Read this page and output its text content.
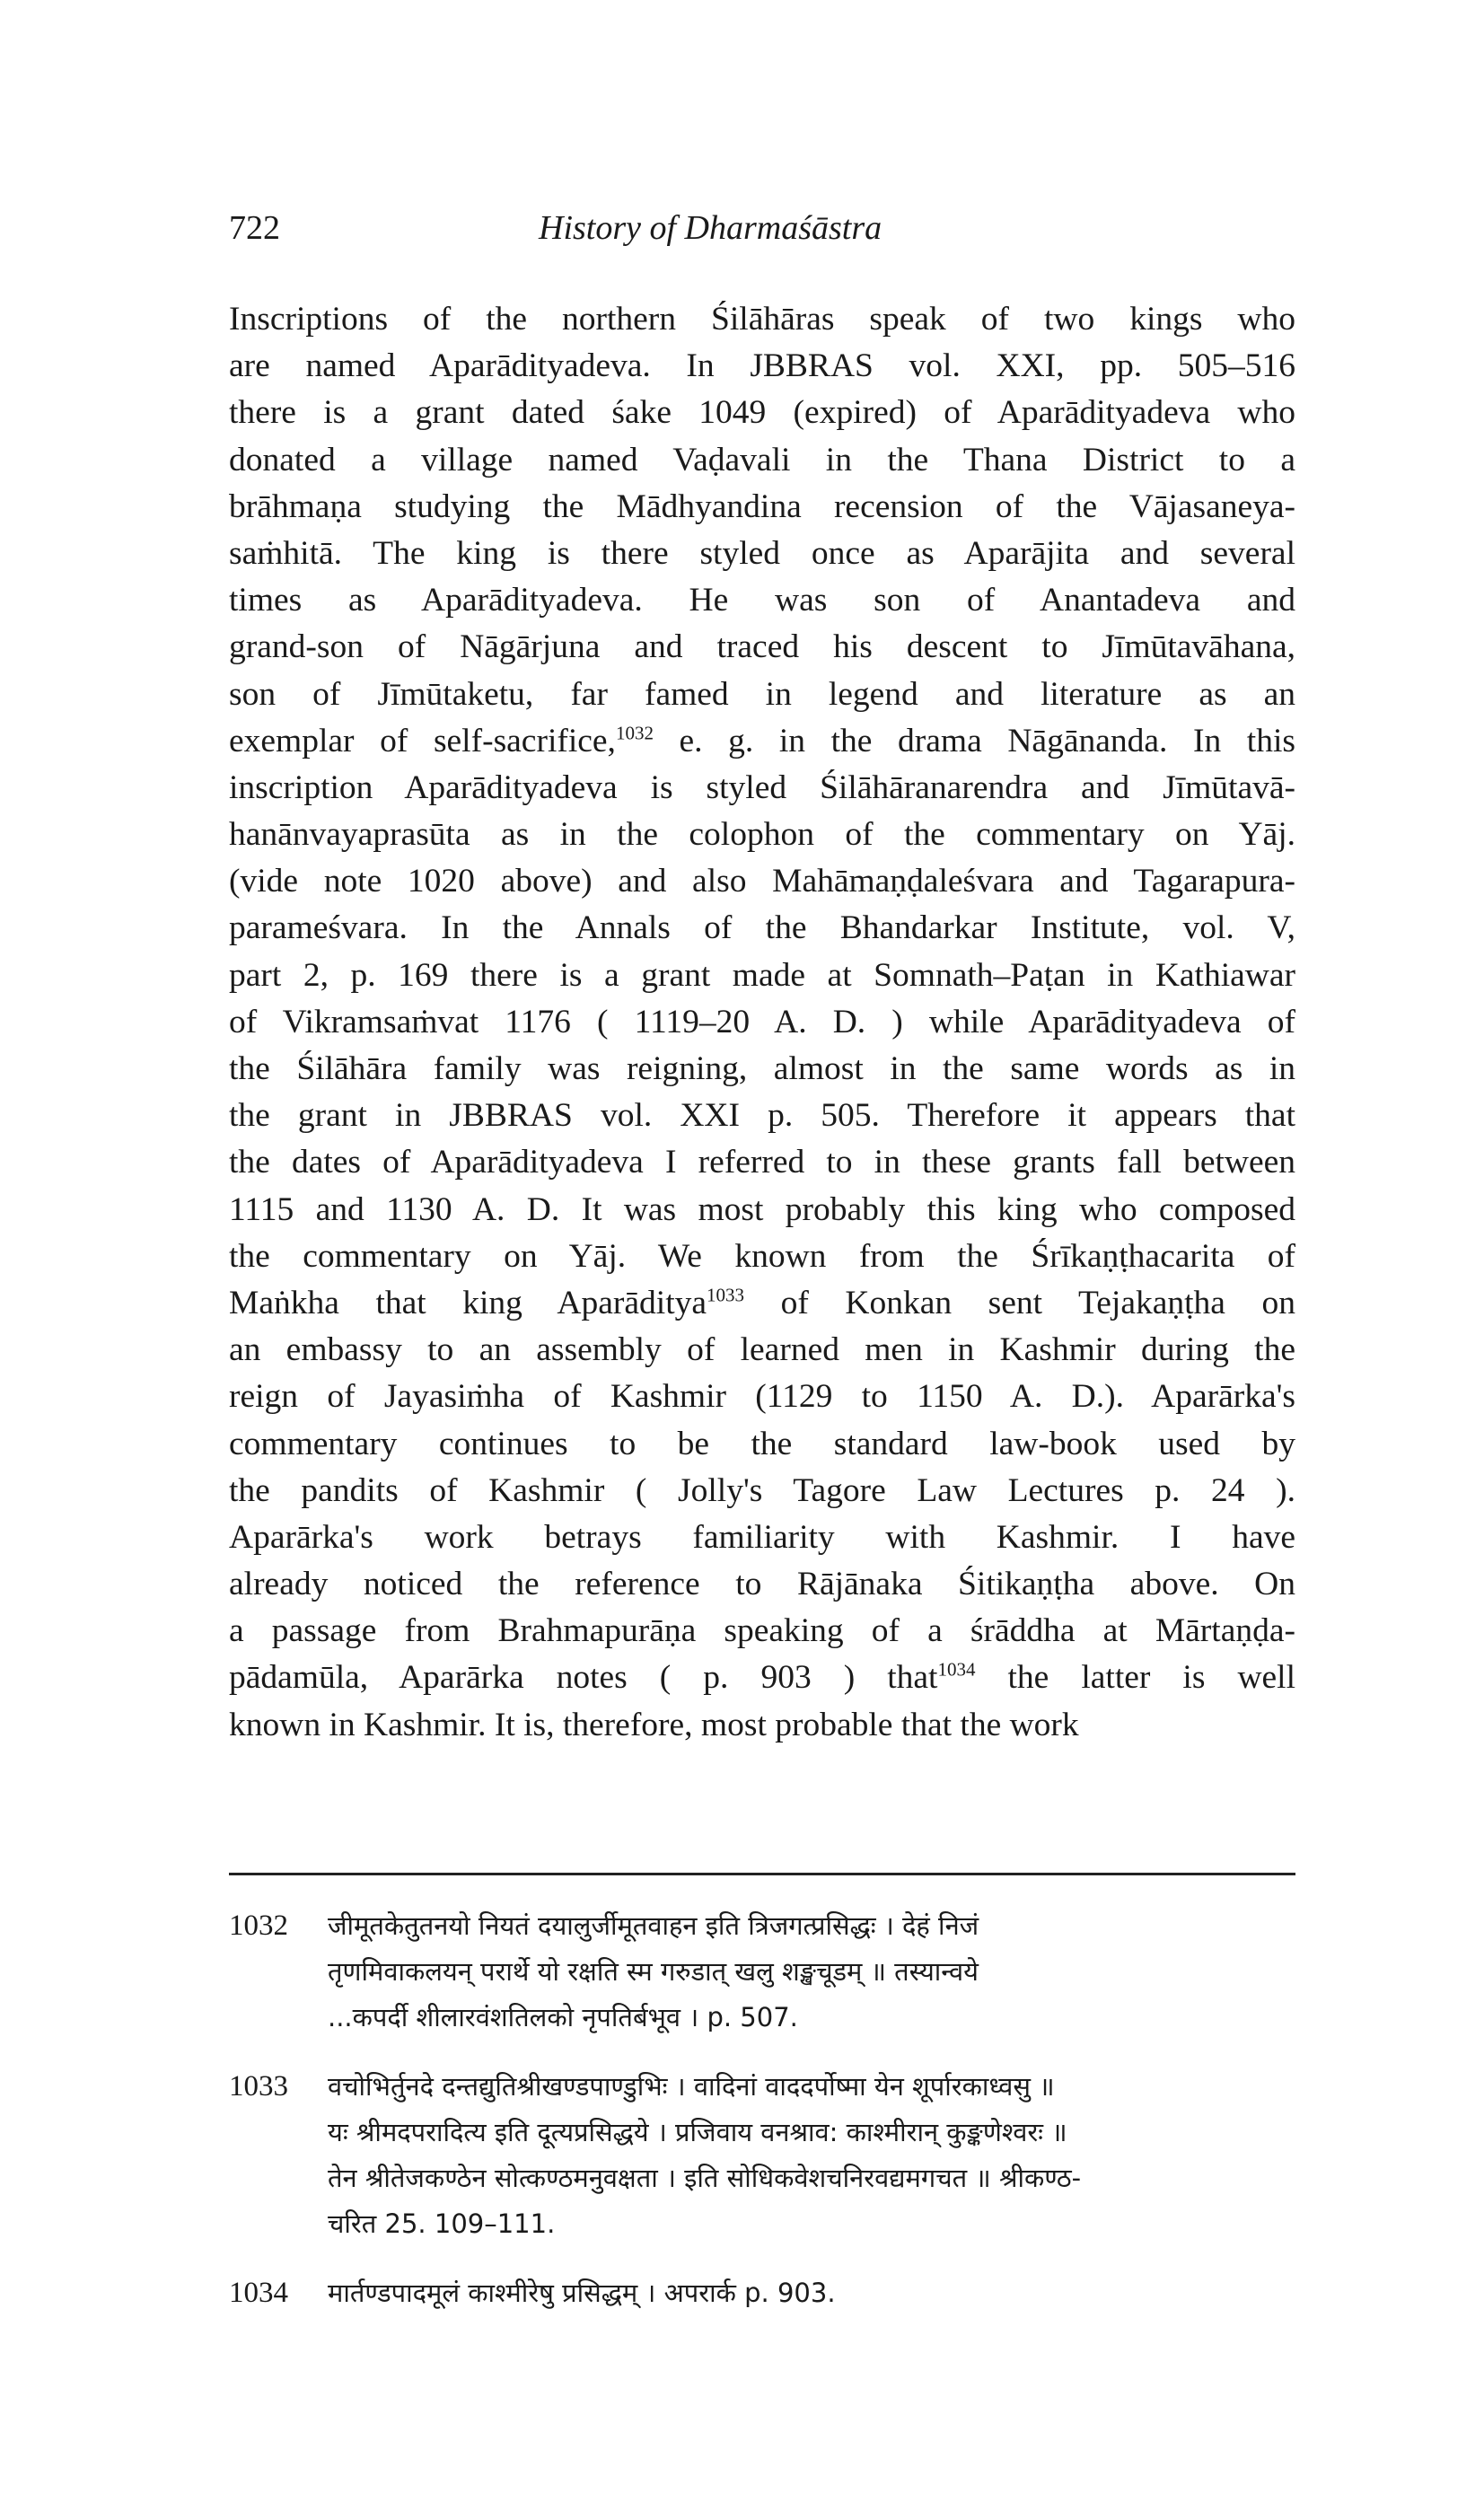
722	History of Dharmaśāstra
Inscriptions of the northern Śilāhāras speak of two kings who
are named Aparādityadeva. In JBBRAS vol. XXI, pp. 505–516
there is a grant dated śake 1049 (expired) of Aparādityadeva who
donated a village named Vaḍavali in the Thana District to a
brāhmaṇa studying the Mādhyandina recension of the Vājasaneya-
saṁhitā. The king is there styled once as Aparājita and several
times as Aparādityadeva. He was son of Anantadeva and
grand-son of Nāgārjuna and traced his descent to Jīmūtavāhana,
son of Jīmūtaketu, far famed in legend and literature as an
exemplar of self-sacrifice,$^{1032}$ e. g. in the drama Nāgānanda. In this
inscription Aparādityadeva is styled Śilāhāranarendra and Jīmūtavā-
hanānvayaprasūta as in the colophon of the commentary on Yāj.
(vide note 1020 above) and also Mahāmaṇḍaleśvara and Tagarapura-
parameśvara. In the Annals of the Bhandarkar Institute, vol. V,
part 2, p. 169 there is a grant made at Somnath–Paṭan in Kathiawar
of Vikramsaṁvat 1176 ( 1119–20 A. D. ) while Aparādityadeva of
the Śilāhāra family was reigning, almost in the same words as in
the grant in JBBRAS vol. XXI p. 505. Therefore it appears that
the dates of Aparādityadeva I referred to in these grants fall between
1115 and 1130 A. D. It was most probably this king who composed
the commentary on Yāj. We known from the Śrīkaṇṭhacarita of
Maṅkha that king Aparāditya$^{1033}$ of Konkan sent Tejakaṇṭha on
an embassy to an assembly of learned men in Kashmir during the
reign of Jayasiṁha of Kashmir (1129 to 1150 A. D.). Aparārka's
commentary continues to be the standard law-book used by
the pandits of Kashmir ( Jolly's Tagore Law Lectures p. 24 ).
Aparārka's work betrays familiarity with Kashmir. I have
already noticed the reference to Rājānaka Śitikaṇṭha above. On
a passage from Brahmapurāṇa speaking of a śrāddha at Mārtaṇḍa-
pādamūla, Aparārka notes ( p. 903 ) that$^{1034}$ the latter is well
known in Kashmir. It is, therefore, most probable that the work
1032	जीमूतकेतुतनयो नियतं दयालुर्जीमूतवाहन इति त्रिजगत्प्रसिद्धः । देहं निजं
तृणमिवाकलयन् परार्थे यो रक्षति स्म गरुडात् खलु शङ्खचूडम् ॥ तस्यान्वये
...कपर्दी शीलारवंशतिलको नृपतिर्बभूव । p. 507.
1033	वचोभिर्तुनदे दन्तद्युतिश्रीखण्डपाण्डुभिः । वादिनां वाददर्पोष्मा येन शूर्पारकाध्वसु ॥
यः श्रीमदपरादित्य इति दूत्यप्रसिद्धये । प्रजिवाय वनश्राव: काश्मीरान् कुङ्कणेश्वरः ॥
तेन श्रीतेजकण्ठेन सोत्कण्ठमनुवक्षता । इति सोधिकवेशचनिरवद्यमगचत ॥ श्रीकण्ठ-
चरित 25. 109–111.
1034	मार्तण्डपादमूलं काश्मीरेषु प्रसिद्धम् । अपरार्क p. 903.
